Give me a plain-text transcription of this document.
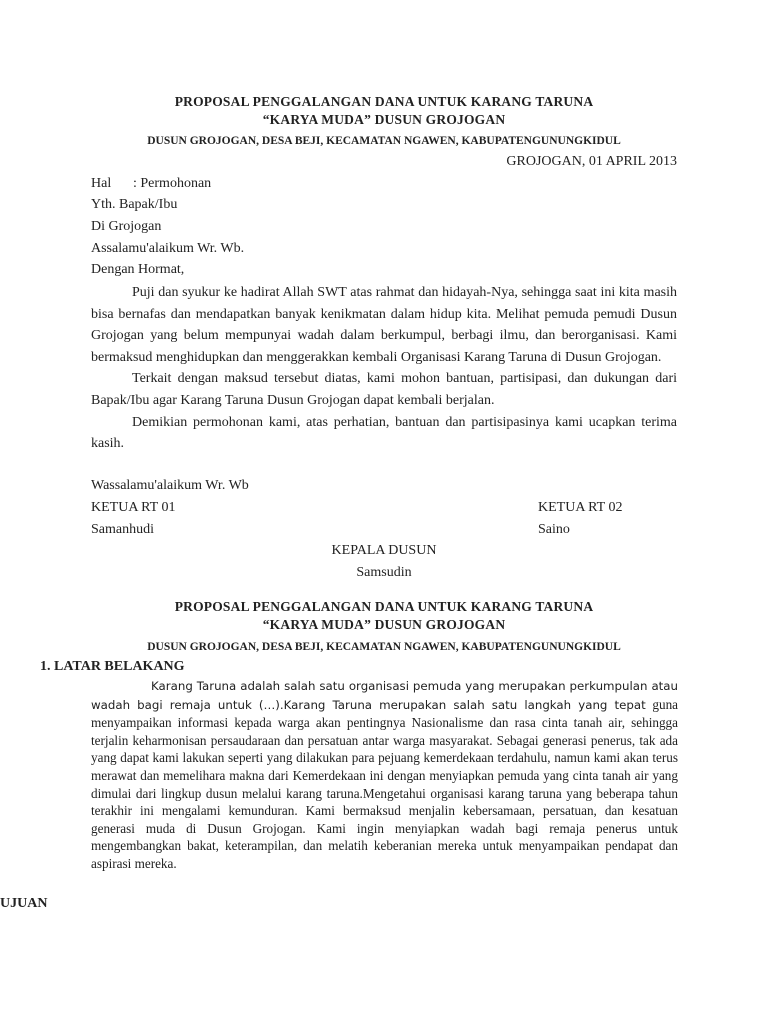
PROPOSAL PENGGALANGAN DANA UNTUK KARANG TARUNA
“KARYA MUDA” DUSUN GROJOGAN
DUSUN GROJOGAN, DESA BEJI, KECAMATAN NGAWEN, KABUPATENGUNUNGKIDUL
GROJOGAN, 01 APRIL 2013
Hal : Permohonan
Yth. Bapak/Ibu
Di Grojogan
Assalamu'alaikum Wr. Wb.
Dengan Hormat,

Puji dan syukur ke hadirat Allah SWT atas rahmat dan hidayah-Nya, sehingga saat ini kita masih bisa bernafas dan mendapatkan banyak kenikmatan dalam hidup kita. Melihat pemuda pemudi Dusun Grojogan yang belum mempunyai wadah dalam berkumpul, berbagi ilmu, dan berorganisasi. Kami bermaksud menghidupkan dan menggerakkan kembali Organisasi Karang Taruna di Dusun Grojogan.

Terkait dengan maksud tersebut diatas, kami mohon bantuan, partisipasi, dan dukungan dari Bapak/Ibu agar Karang Taruna Dusun Grojogan dapat kembali berjalan.

Demikian permohonan kami, atas perhatian, bantuan dan partisipasinya kami ucapkan terima kasih.

Wassalamu'alaikum Wr. Wb
KETUA RT 01
Samanhudi
KETUA RT 02
Saino
KEPALA DUSUN
Samsudin
PROPOSAL PENGGALANGAN DANA UNTUK KARANG TARUNA
“KARYA MUDA” DUSUN GROJOGAN
DUSUN GROJOGAN, DESA BEJI, KECAMATAN NGAWEN, KABUPATENGUNUNGKIDUL
1. LATAR BELAKANG

Karang Taruna adalah salah satu organisasi pemuda yang merupakan perkumpulan atau wadah bagi remaja untuk (…).Karang Taruna merupakan salah satu langkah yang tepat guna menyampaikan informasi kepada warga akan pentingnya Nasionalisme dan rasa cinta tanah air, sehingga terjalin keharmonisan persaudaraan dan persatuan antar warga masyarakat. Sebagai generasi penerus, tak ada yang dapat kami lakukan seperti yang dilakukan para pejuang kemerdekaan terdahulu, namun kami akan terus merawat dan memelihara makna dari Kemerdekaan ini dengan menyiapkan pemuda yang cinta tanah air yang dimulai dari lingkup dusun melalui karang taruna.Mengetahui organisasi karang taruna yang beberapa tahun terakhir ini mengalami kemunduran. Kami bermaksud menjalin kebersamaan, persatuan, dan kesatuan generasi muda di Dusun Grojogan. Kami ingin menyiapkan wadah bagi remaja penerus untuk mengembangkan bakat, keterampilan, dan melatih keberanian mereka untuk menyampaikan pendapat dan aspirasi mereka.

UJUAN
